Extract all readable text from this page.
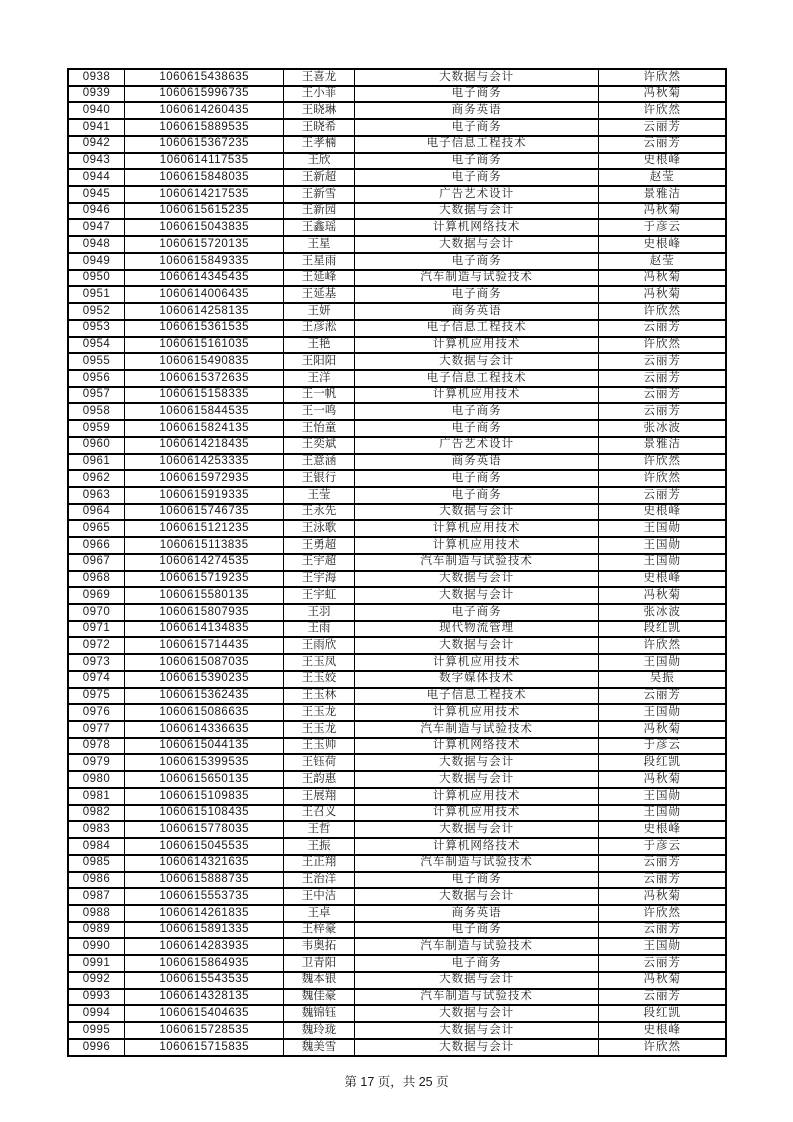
0938	1060615438635	王喜龙	大数据与会计	许欣然
0939	1060615996735	王小菲	电子商务	冯秋菊
0940	1060614260435	王晓琳	商务英语	许欣然
0941	1060615889535	王晓希	电子商务	云丽芳
0942	1060615367235	王孝楠	电子信息工程技术	云丽芳
0943	1060614117535	王欣	电子商务	史根峰
0944	1060615848035	王新超	电子商务	赵莹
0945	1060614217535	王新雪	广告艺术设计	景雅洁
0946	1060615615235	王新园	大数据与会计	冯秋菊
0947	1060615043835	王鑫瑶	计算机网络技术	于彦云
0948	1060615720135	王星	大数据与会计	史根峰
0949	1060615849335	王星雨	电子商务	赵莹
0950	1060614345435	王延峰	汽车制造与试验技术	冯秋菊
0951	1060614006435	王延基	电子商务	冯秋菊
0952	1060614258135	王妍	商务英语	许欣然
0953	1060615361535	王彦淞	电子信息工程技术	云丽芳
0954	1060615161035	王艳	计算机应用技术	许欣然
0955	1060615490835	王阳阳	大数据与会计	云丽芳
0956	1060615372635	王洋	电子信息工程技术	云丽芳
0957	1060615158335	王一帆	计算机应用技术	云丽芳
0958	1060615844535	王一鸣	电子商务	云丽芳
0959	1060615824135	王怡童	电子商务	张冰波
0960	1060614218435	王奕斌	广告艺术设计	景雅洁
0961	1060614253335	王意涵	商务英语	许欣然
0962	1060615972935	王银行	电子商务	许欣然
0963	1060615919335	王莹	电子商务	云丽芳
0964	1060615746735	王永先	大数据与会计	史根峰
0965	1060615121235	王泳歌	计算机应用技术	王国勋
0966	1060615113835	王勇超	计算机应用技术	王国勋
0967	1060614274535	王宇超	汽车制造与试验技术	王国勋
0968	1060615719235	王宇海	大数据与会计	史根峰
0969	1060615580135	王宇虹	大数据与会计	冯秋菊
0970	1060615807935	王羽	电子商务	张冰波
0971	1060614134835	王雨	现代物流管理	段红凯
0972	1060615714435	王雨欣	大数据与会计	许欣然
0973	1060615087035	王玉凤	计算机应用技术	王国勋
0974	1060615390235	王玉姣	数字媒体技术	吴振
0975	1060615362435	王玉林	电子信息工程技术	云丽芳
0976	1060615086635	王玉龙	计算机应用技术	王国勋
0977	1060614336635	王玉龙	汽车制造与试验技术	冯秋菊
0978	1060615044135	王玉帅	计算机网络技术	于彦云
0979	1060615399535	王钰荷	大数据与会计	段红凯
0980	1060615650135	王韵惠	大数据与会计	冯秋菊
0981	1060615109835	王展翔	计算机应用技术	王国勋
0982	1060615108435	王召义	计算机应用技术	王国勋
0983	1060615778035	王哲	大数据与会计	史根峰
0984	1060615045535	王振	计算机网络技术	于彦云
0985	1060614321635	王正翔	汽车制造与试验技术	云丽芳
0986	1060615888735	王治洋	电子商务	云丽芳
0987	1060615553735	王中洁	大数据与会计	冯秋菊
0988	1060614261835	王卓	商务英语	许欣然
0989	1060615891335	王梓豪	电子商务	云丽芳
0990	1060614283935	韦奥拓	汽车制造与试验技术	王国勋
0991	1060615864935	卫青阳	电子商务	云丽芳
0992	1060615543535	魏本银	大数据与会计	冯秋菊
0993	1060614328135	魏佳豪	汽车制造与试验技术	云丽芳
0994	1060615404635	魏锦钰	大数据与会计	段红凯
0995	1060615728535	魏玲珑	大数据与会计	史根峰
0996	1060615715835	魏美雪	大数据与会计	许欣然
第 17 页，共 25 页
